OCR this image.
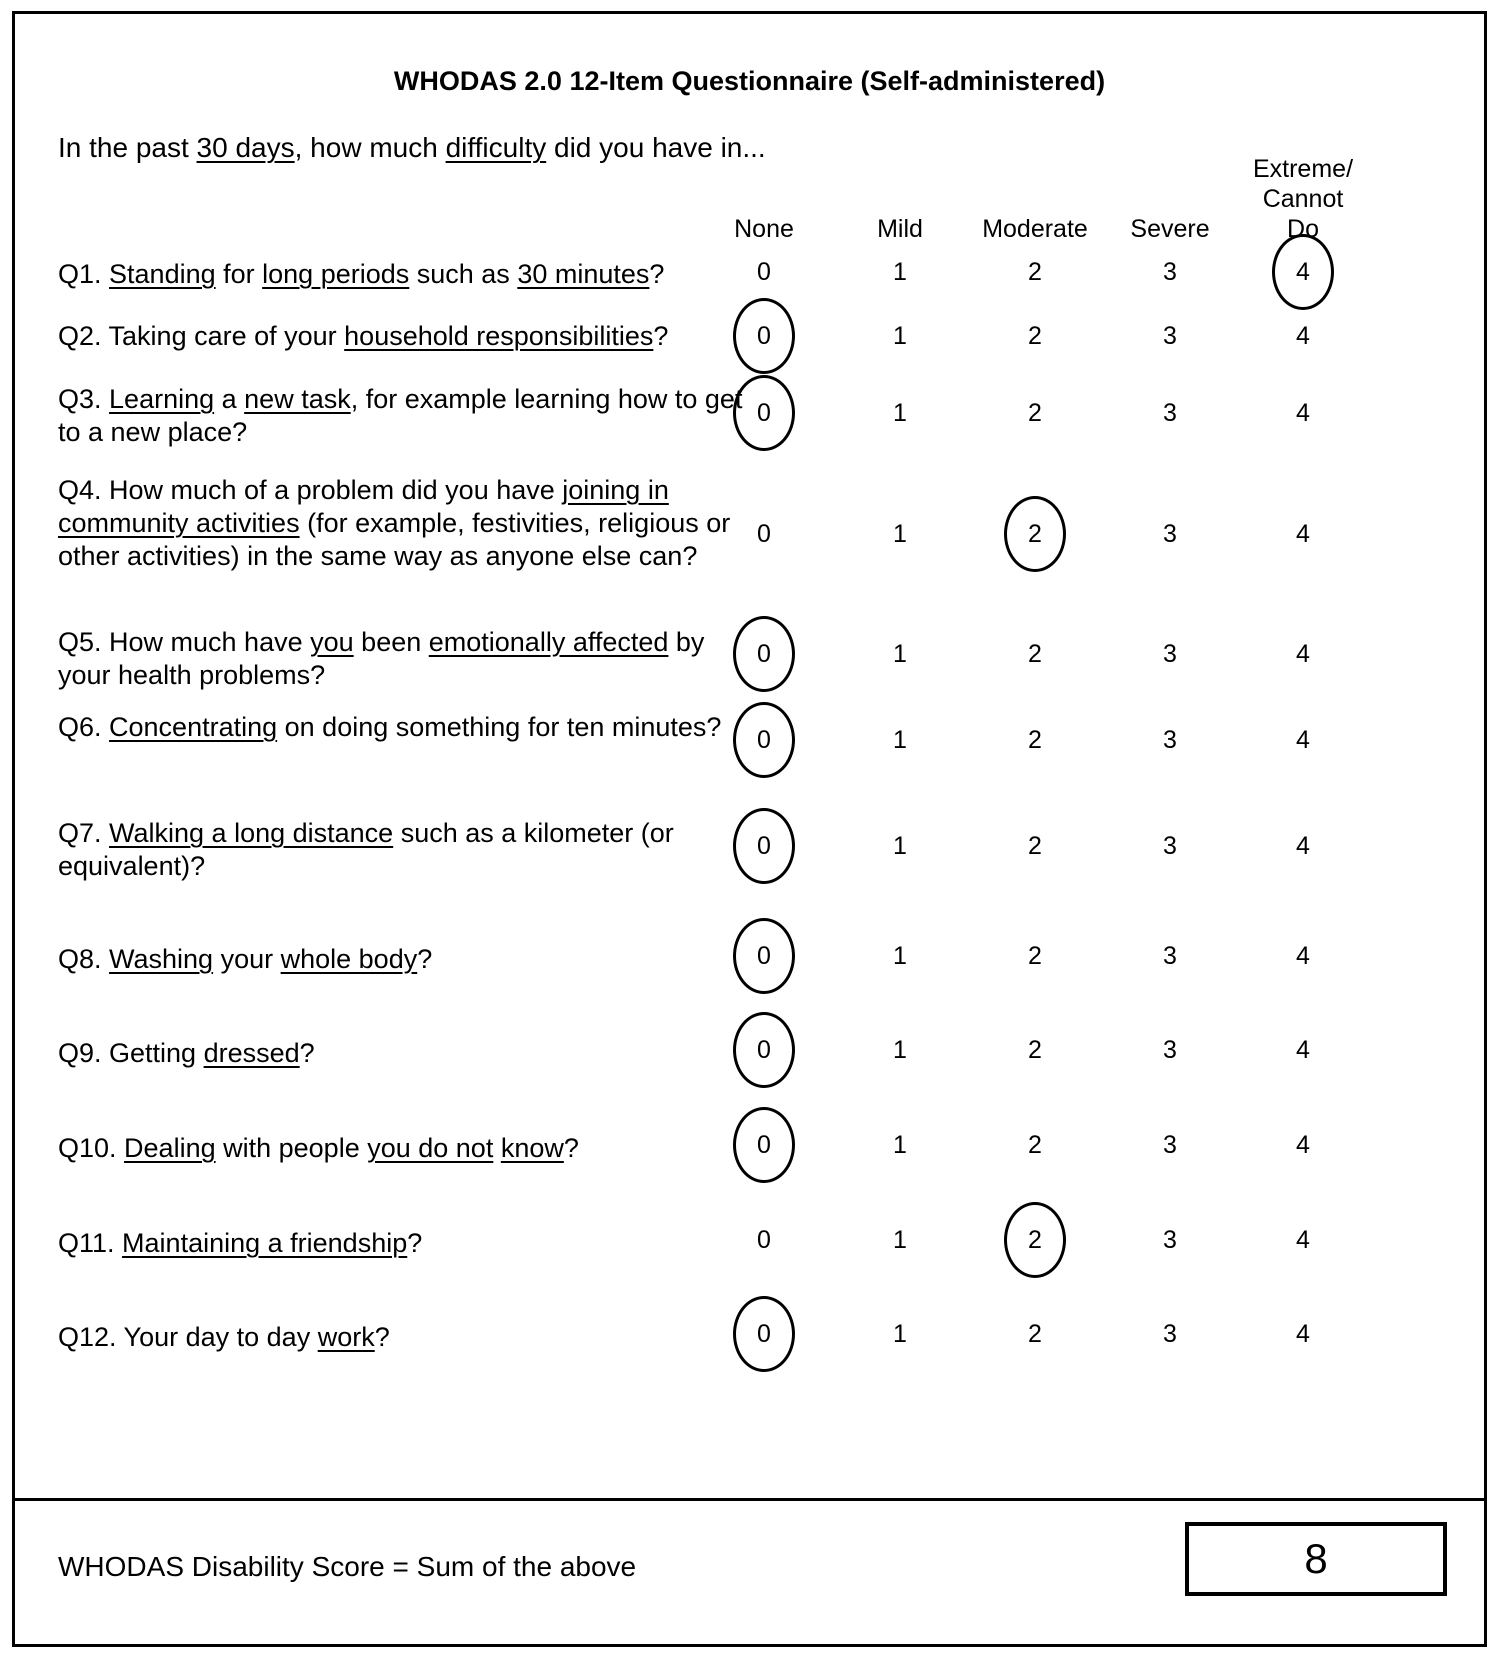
WHODAS 2.0 12-Item Questionnaire (Self-administered)
In the past 30 days, how much difficulty did you have in...
None	Mild	Moderate	Severe
Extreme/
Cannot
Do
Q1. Standing for long periods such as 30 minutes?	0	1	2	3	4
Q2. Taking care of your household responsibilities?	0	1	2	3	4
Q3. Learning a new task, for example learning how to get to a new place?
0	1	2	3	4
Q4. How much of a problem did you have joining in community activities (for example, festivities, religious or other activities) in the same way as anyone else can?
0	1	2	3	4
Q5. How much have you been emotionally affected by your health problems?
0	1	2	3	4
Q6. Concentrating on doing something for ten minutes?	0	1	2	3	4
Q7. Walking a long distance such as a kilometer (or equivalent)?
0	1	2	3	4
Q8. Washing your whole body?	0	1	2	3	4
Q9. Getting dressed?	0	1	2	3	4
Q10. Dealing with people you do not know?	0	1	2	3	4
Q11. Maintaining a friendship?	0	1	2	3	4
Q12. Your day to day work?	0	1	2	3	4
WHODAS Disability Score = Sum of the above	8
